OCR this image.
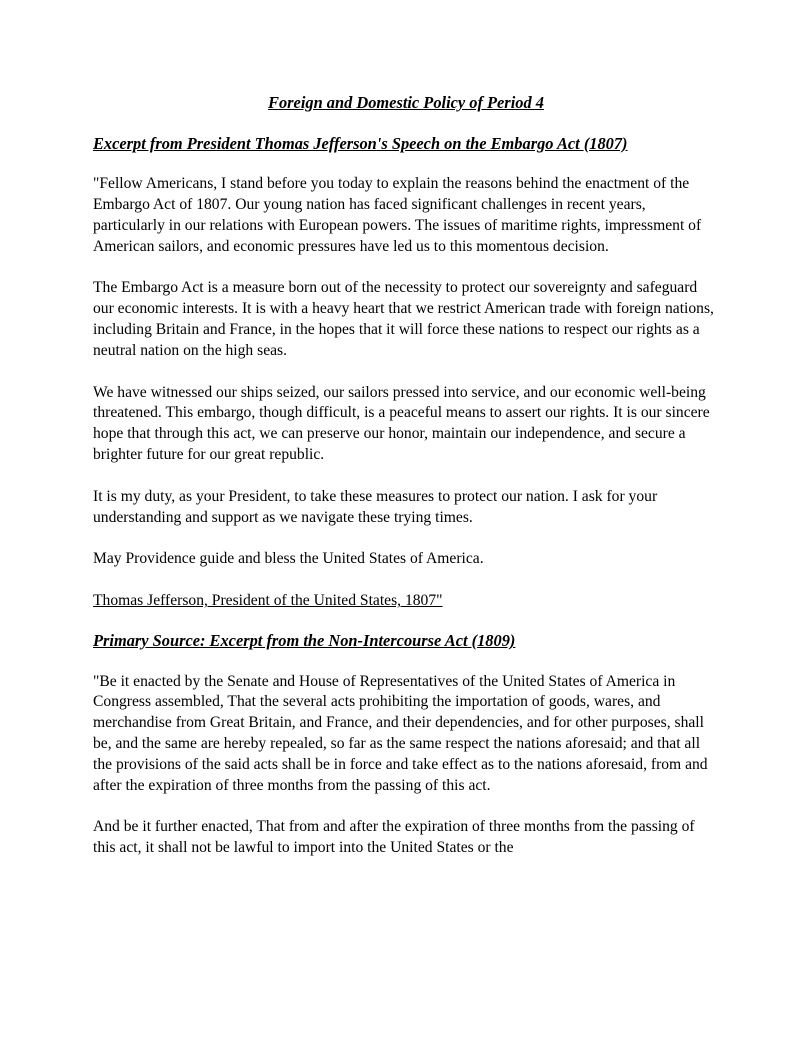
Foreign and Domestic Policy of Period 4
Excerpt from President Thomas Jefferson's Speech on the Embargo Act (1807)

"Fellow Americans, I stand before you today to explain the reasons behind the enactment of the Embargo Act of 1807. Our young nation has faced significant challenges in recent years, particularly in our relations with European powers. The issues of maritime rights, impressment of American sailors, and economic pressures have led us to this momentous decision.

The Embargo Act is a measure born out of the necessity to protect our sovereignty and safeguard our economic interests. It is with a heavy heart that we restrict American trade with foreign nations, including Britain and France, in the hopes that it will force these nations to respect our rights as a neutral nation on the high seas.

We have witnessed our ships seized, our sailors pressed into service, and our economic well-being threatened. This embargo, though difficult, is a peaceful means to assert our rights. It is our sincere hope that through this act, we can preserve our honor, maintain our independence, and secure a brighter future for our great republic.

It is my duty, as your President, to take these measures to protect our nation. I ask for your understanding and support as we navigate these trying times.

May Providence guide and bless the United States of America.

Thomas Jefferson, President of the United States, 1807"

Primary Source: Excerpt from the Non-Intercourse Act (1809)

"Be it enacted by the Senate and House of Representatives of the United States of America in Congress assembled, That the several acts prohibiting the importation of goods, wares, and merchandise from Great Britain, and France, and their dependencies, and for other purposes, shall be, and the same are hereby repealed, so far as the same respect the nations aforesaid; and that all the provisions of the said acts shall be in force and take effect as to the nations aforesaid, from and after the expiration of three months from the passing of this act.

And be it further enacted, That from and after the expiration of three months from the passing of this act, it shall not be lawful to import into the United States or the
